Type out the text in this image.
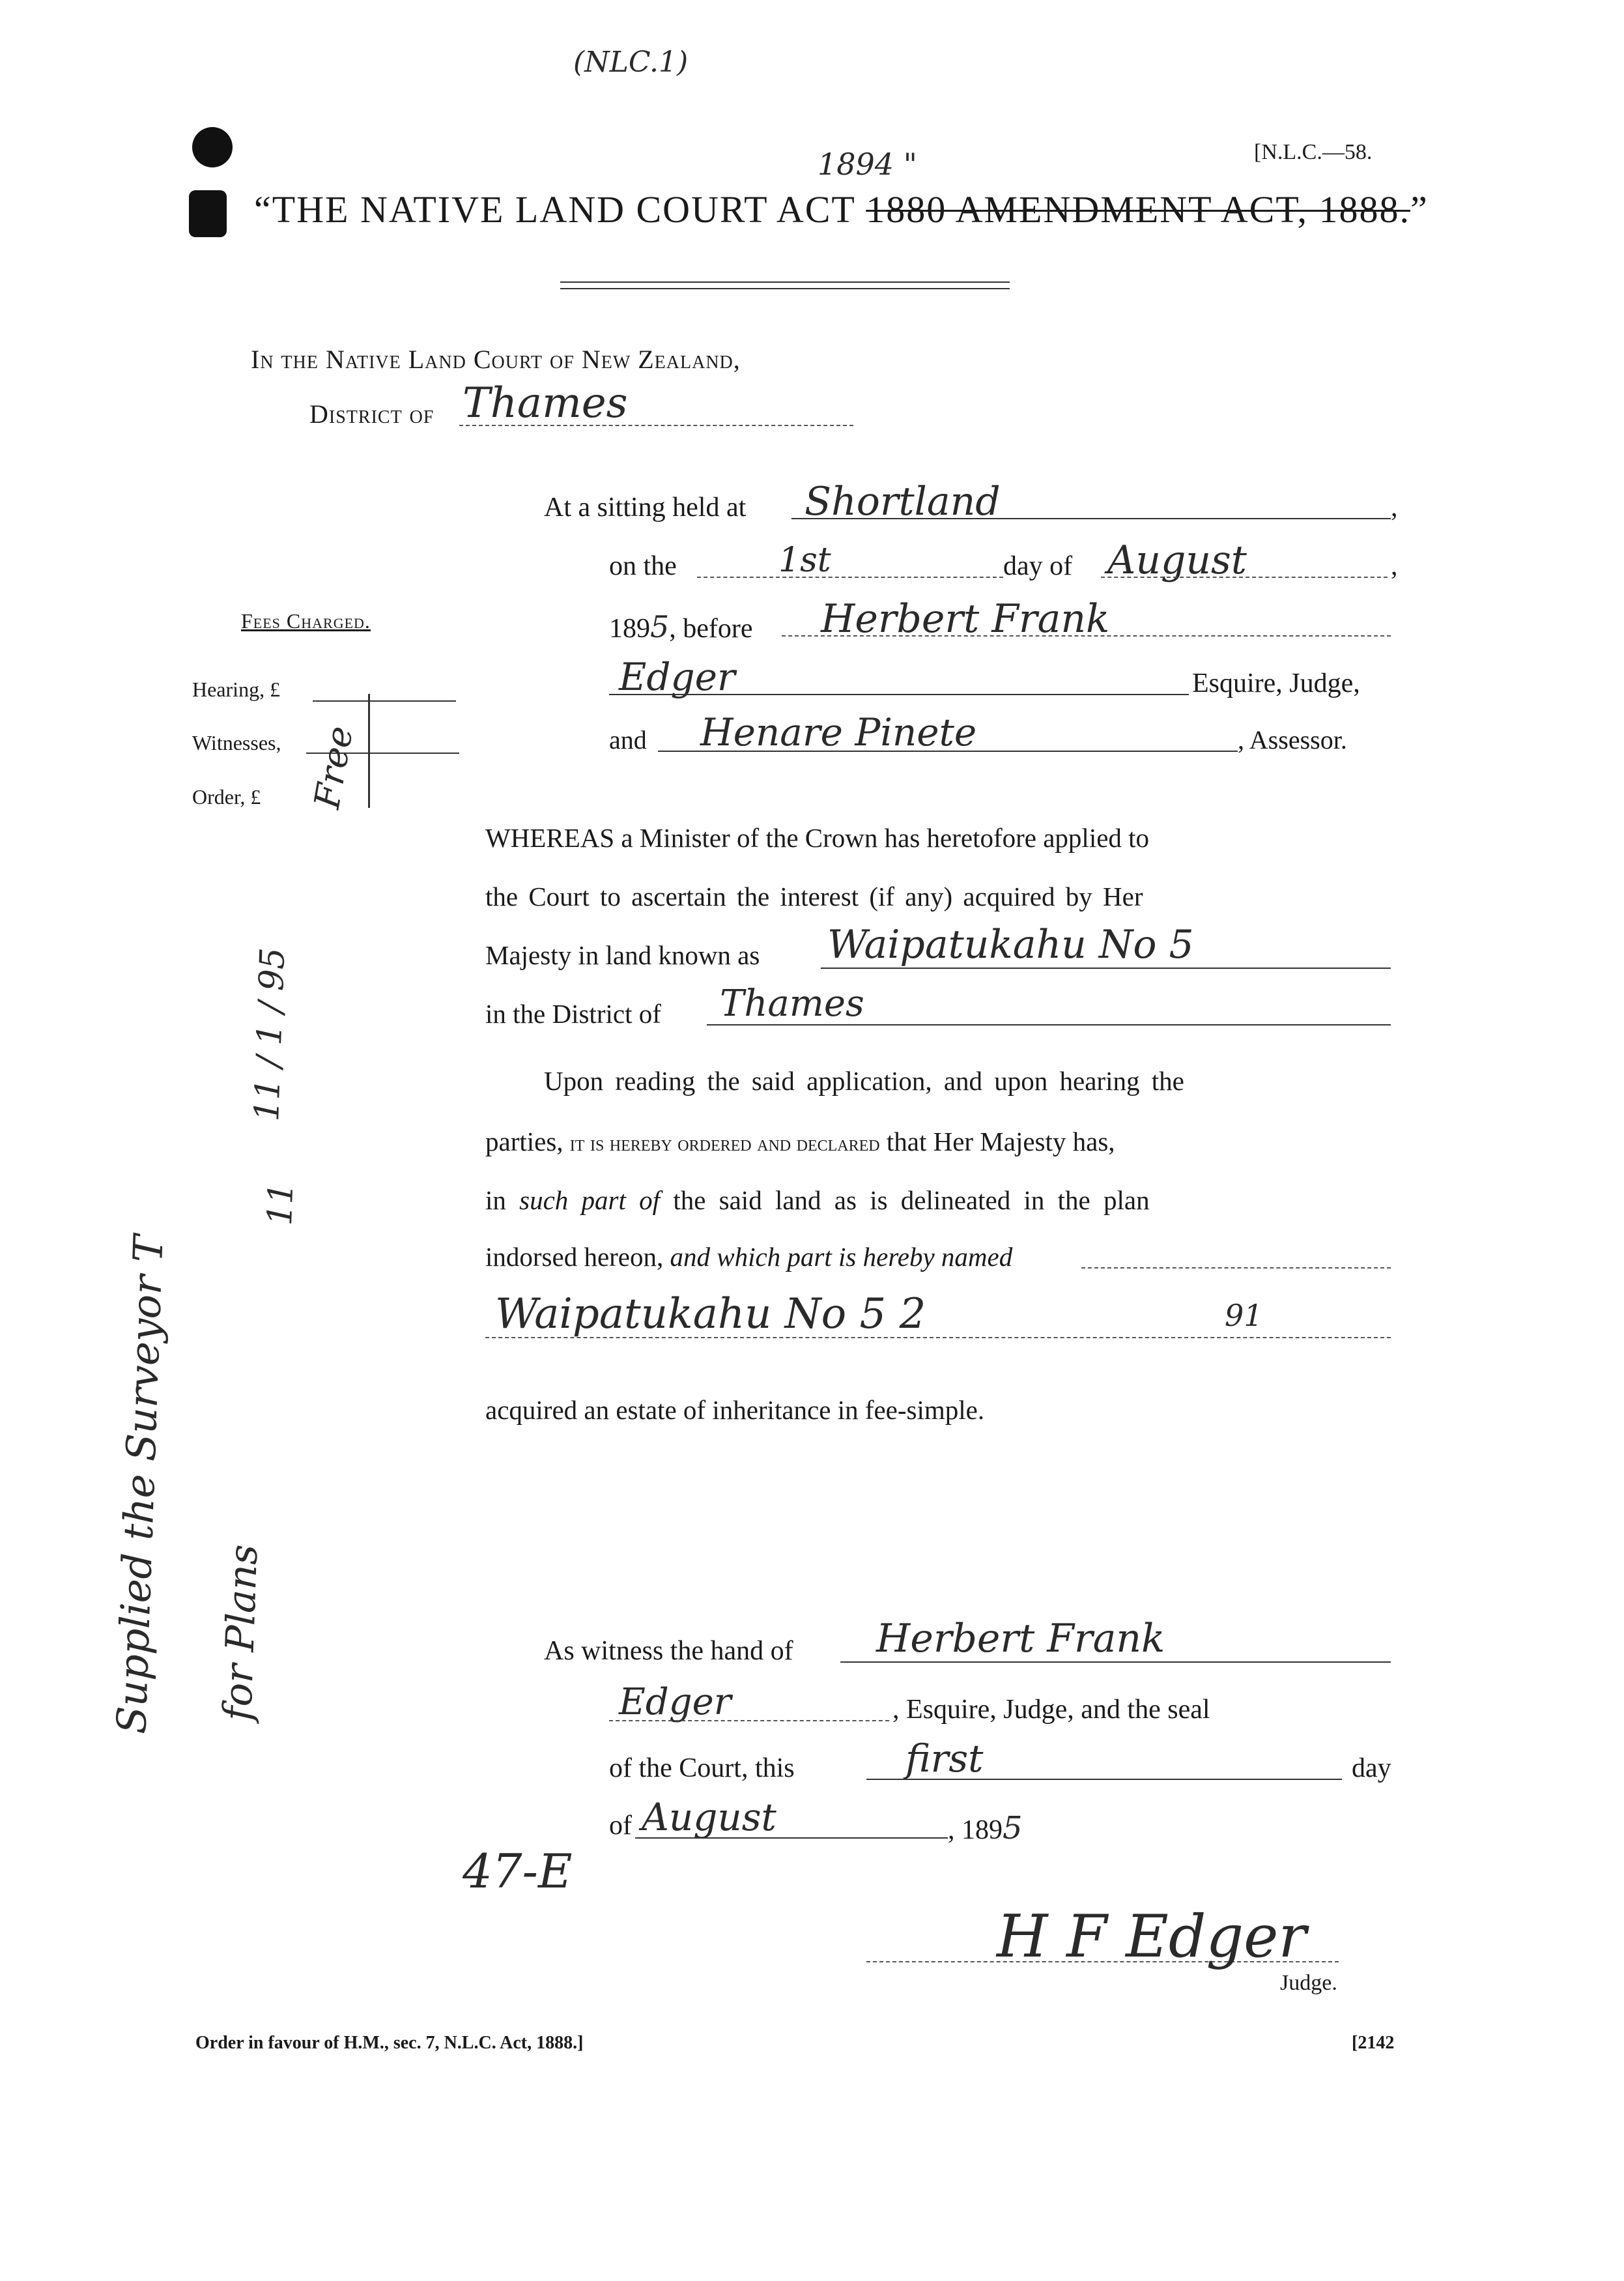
(NLC.1)
[N.L.C.—58.
1894 "
“THE NATIVE LAND COURT ACT 1880 AMENDMENT ACT, 1888.”
In the Native Land Court of New Zealand,
District of Thames
At a sitting held at Shortland	,
on the	1st	day of August	,
1895, before Herbert Frank
Edger	Esquire, Judge,
and Henare Pinete	, Assessor.
Fees Charged.
Hearing, £
Witnesses,
Order, £ Free
WHEREAS a Minister of the Crown has heretofore applied to
the Court to ascertain the interest (if any) acquired by Her
Majesty in land known as Waipatukahu No 5
in the District of Thames
Upon reading the said application, and upon hearing the
parties, it is hereby ordered and declared that Her Majesty has,
in such part of the said land as is delineated in the plan
indorsed hereon, and which part is hereby named
Waipatukahu No 5 2	91
acquired an estate of inheritance in fee-simple.
As witness the hand of Herbert Frank
Edger	, Esquire, Judge, and the seal
of the Court, this	first	day
of August	, 1895
47-E
H F Edger
Judge.
Supplied the Surveyor T for Plans
11 / 1 / 95
11
Order in favour of H.M., sec. 7, N.L.C. Act, 1888.]	[2142
